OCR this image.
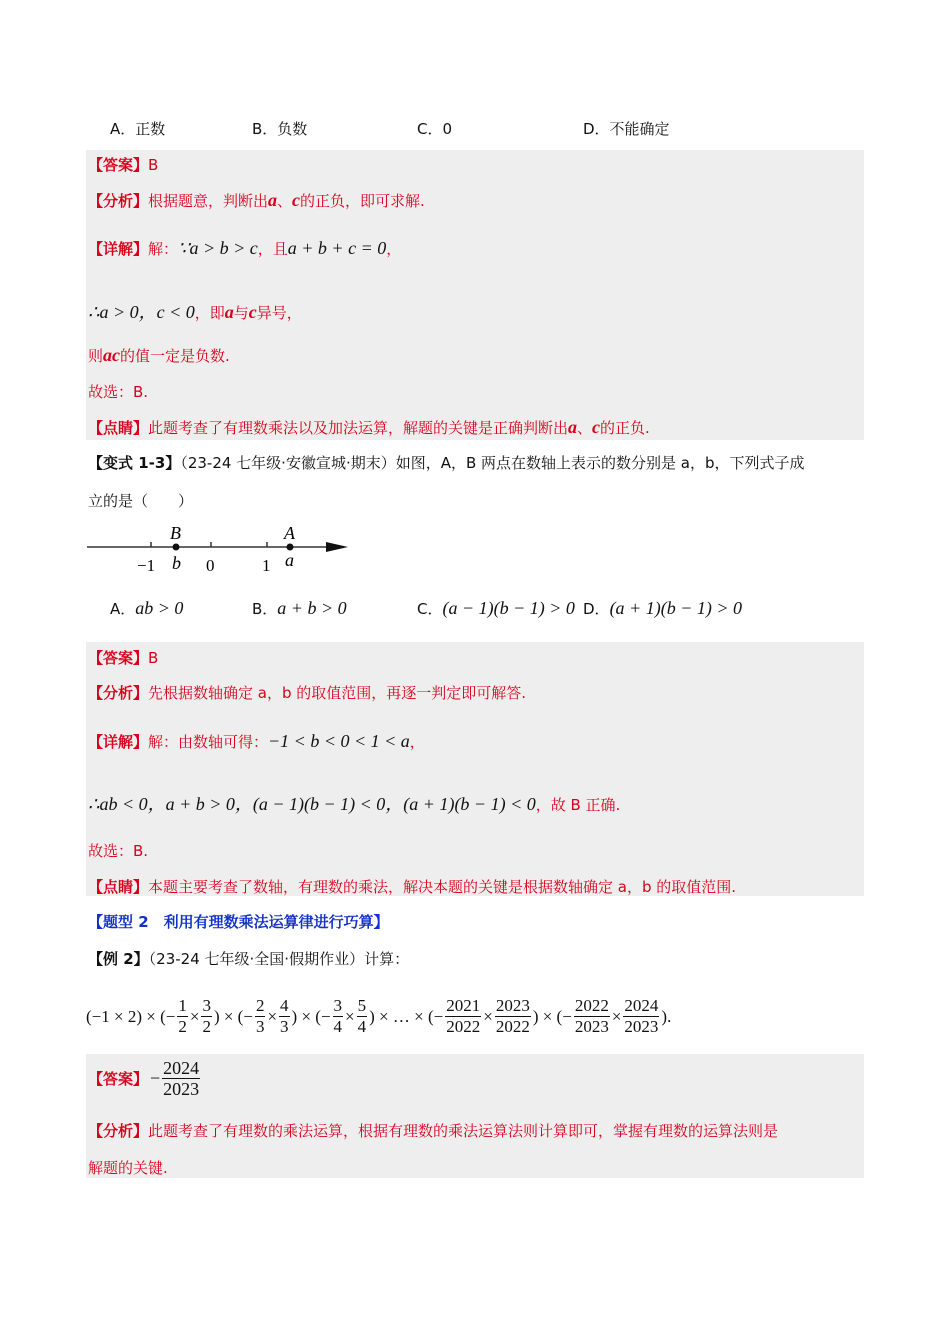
A．正数	B．负数	C．0	D．不能确定
【答案】B
【分析】根据题意，判断出a、c的正负，即可求解.
【详解】解：∵a > b > c，且a + b + c = 0，
∴a > 0，c < 0，即a与c异号，
则ac的值一定是负数.
故选：B.
【点睛】此题考查了有理数乘法以及加法运算，解题的关键是正确判断出a、c的正负.
【变式 1-3】（23-24 七年级·安徽宣城·期末）如图，A，B 两点在数轴上表示的数分别是 a，b，下列式子成
立的是（　　）
B	A
b	a
−1	0	1
A．ab > 0	B．a + b > 0	C．(a − 1)(b − 1) > 0 D．(a + 1)(b − 1) > 0
【答案】B
【分析】先根据数轴确定 a，b 的取值范围，再逐一判定即可解答.
【详解】解：由数轴可得：−1 < b < 0 < 1 < a，
∴ab < 0，a + b > 0，(a − 1)(b − 1) < 0，(a + 1)(b − 1) < 0，故 B 正确.
故选：B.
【点睛】本题主要考查了数轴，有理数的乘法，解决本题的关键是根据数轴确定 a，b 的取值范围.
【题型 2　利用有理数乘法运算律进行巧算】
【例 2】（23-24 七年级·全国·假期作业）计算：
(−1 × 2) × (− $\frac{1}{2} \times \frac{3}{2}$ ) × (− $\frac{2}{3} \times \frac{4}{3}$ ) × (− $\frac{3}{4} \times \frac{5}{4}$ ) × … × (− $\frac{2021}{2022} \times \frac{2023}{2022}$ ) × (− $\frac{2022}{2023} \times \frac{2024}{2023}$ ).
【答案】 − $\frac{2024}{2023}$
【分析】此题考查了有理数的乘法运算，根据有理数的乘法运算法则计算即可，掌握有理数的运算法则是
解题的关键.
